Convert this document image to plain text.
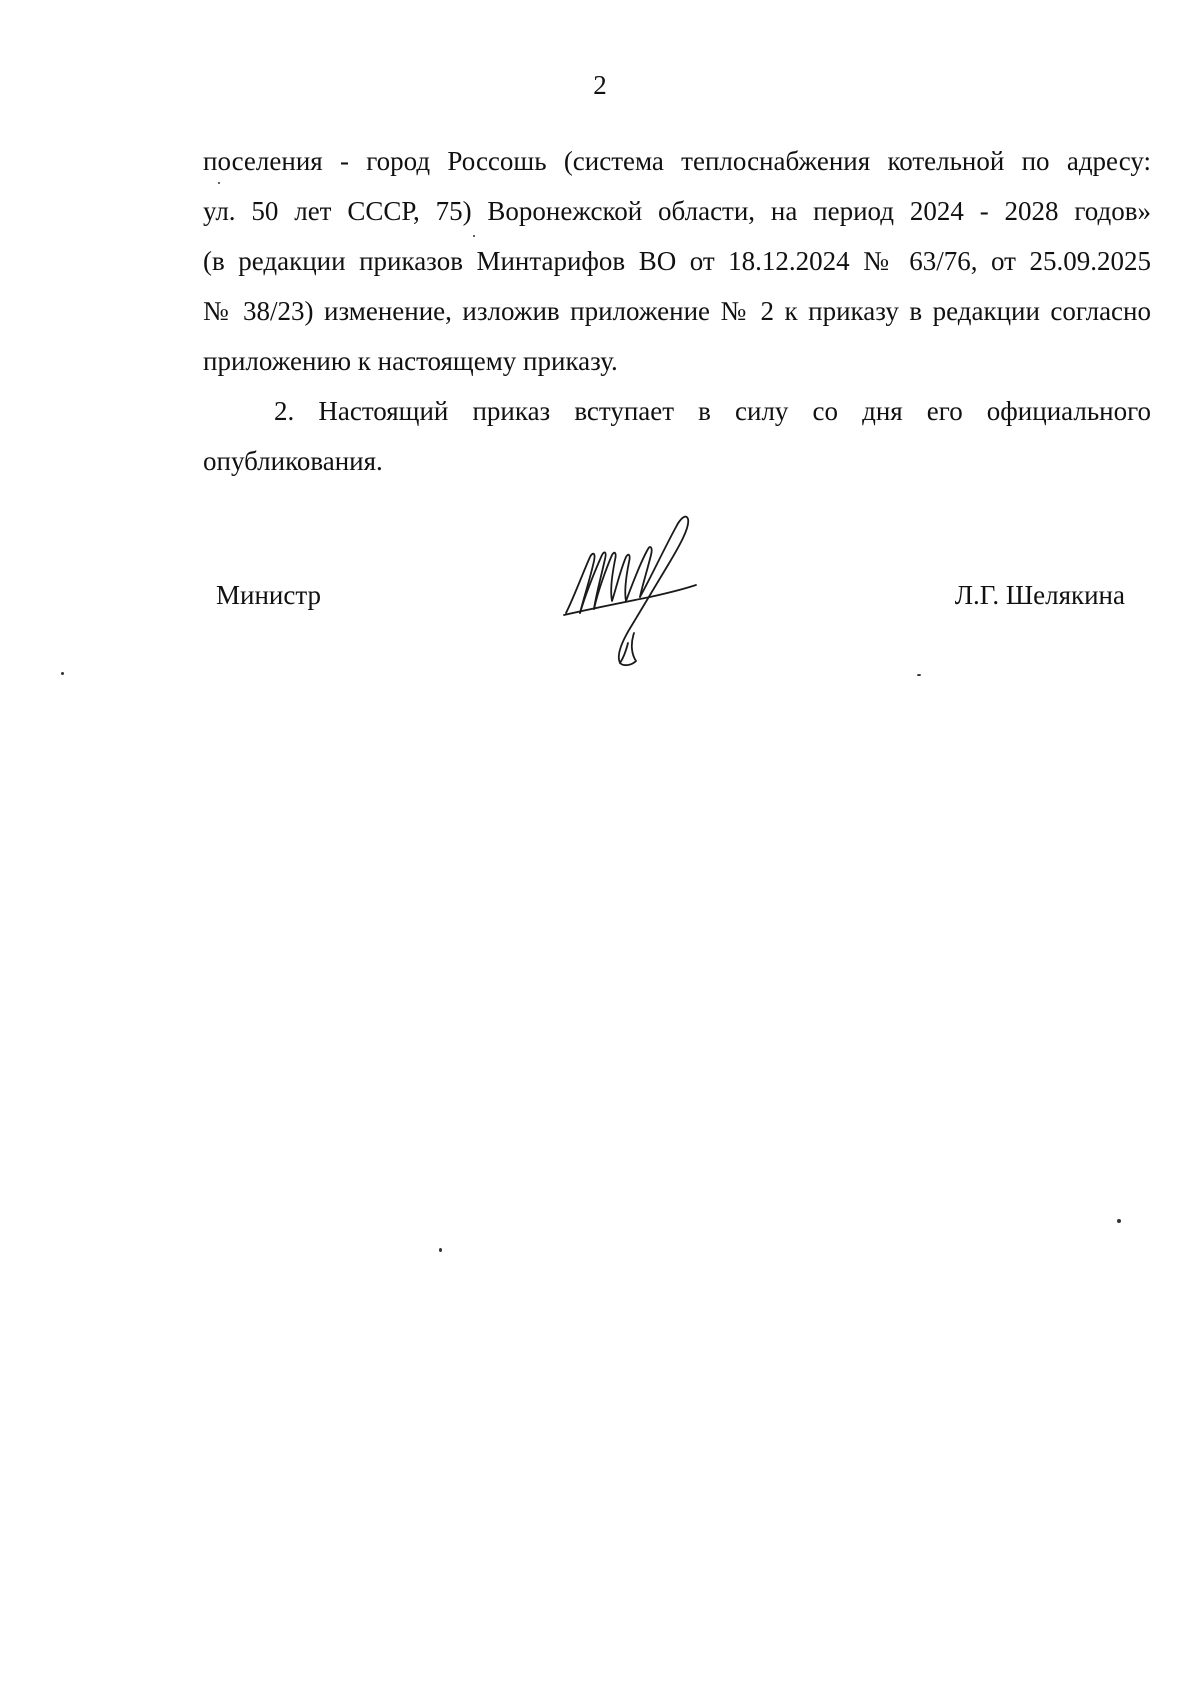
2
поселения - город Россошь (система теплоснабжения котельной по адресу:
ул. 50 лет СССР, 75) Воронежской области, на период 2024 - 2028 годов»
(в редакции приказов Минтарифов ВО от 18.12.2024 № 63/76, от 25.09.2025
№ 38/23) изменение, изложив приложение № 2 к приказу в редакции согласно
приложению к настоящему приказу.
2. Настоящий приказ вступает в силу со дня его официального
опубликования.
Министр	Л.Г. Шелякина
